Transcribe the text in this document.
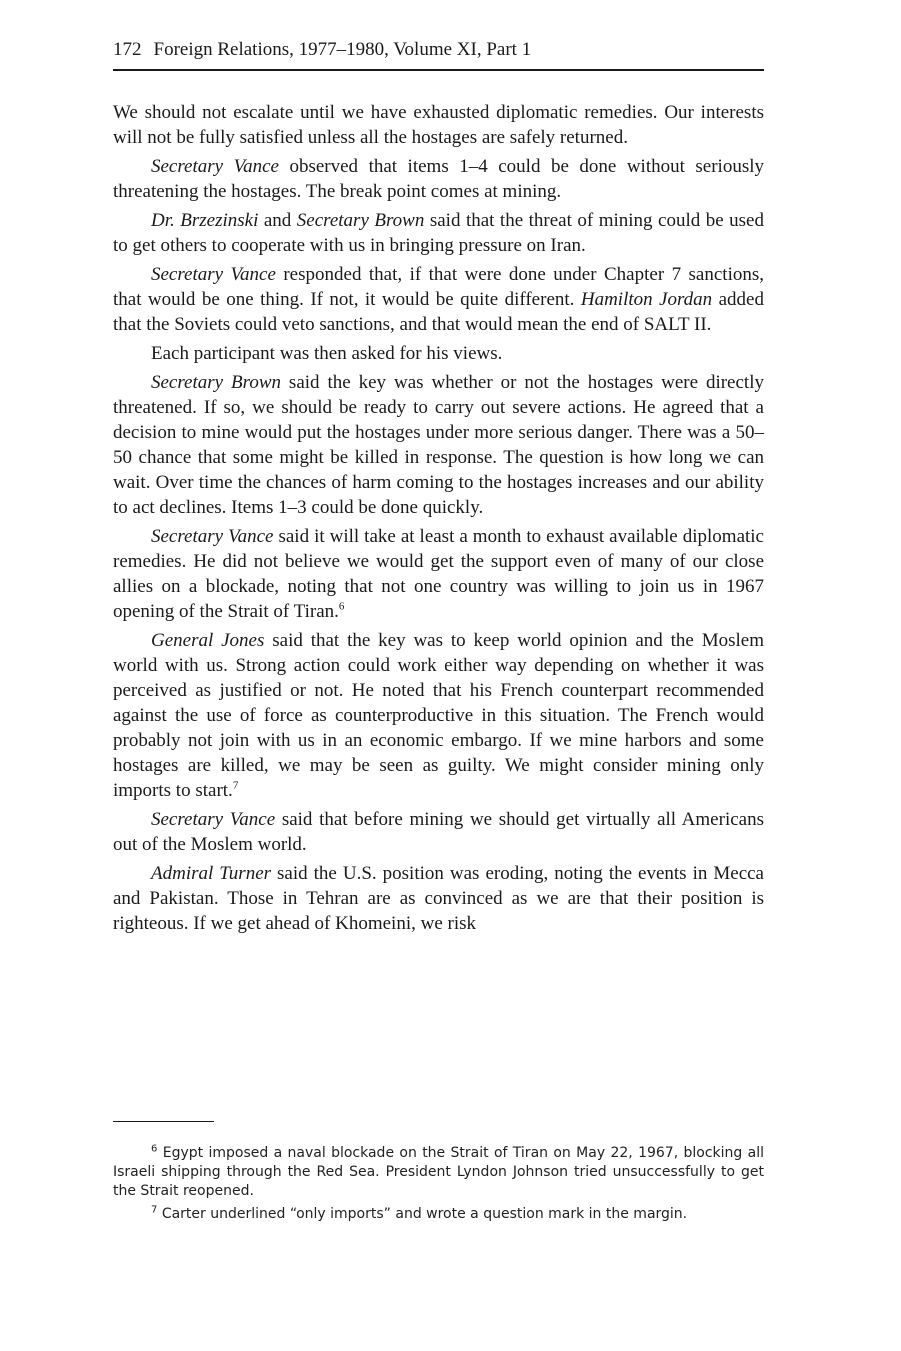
172 Foreign Relations, 1977–1980, Volume XI, Part 1

We should not escalate until we have exhausted diplomatic remedies. Our interests will not be fully satisfied unless all the hostages are safely returned.

Secretary Vance observed that items 1–4 could be done without seriously threatening the hostages. The break point comes at mining.

Dr. Brzezinski and Secretary Brown said that the threat of mining could be used to get others to cooperate with us in bringing pressure on Iran.

Secretary Vance responded that, if that were done under Chapter 7 sanctions, that would be one thing. If not, it would be quite different. Hamilton Jordan added that the Soviets could veto sanctions, and that would mean the end of SALT II.

Each participant was then asked for his views.

Secretary Brown said the key was whether or not the hostages were directly threatened. If so, we should be ready to carry out severe actions. He agreed that a decision to mine would put the hostages under more serious danger. There was a 50–50 chance that some might be killed in response. The question is how long we can wait. Over time the chances of harm coming to the hostages increases and our ability to act declines. Items 1–3 could be done quickly.

Secretary Vance said it will take at least a month to exhaust available diplomatic remedies. He did not believe we would get the support even of many of our close allies on a blockade, noting that not one country was willing to join us in 1967 opening of the Strait of Tiran.$^6$

General Jones said that the key was to keep world opinion and the Moslem world with us. Strong action could work either way depending on whether it was perceived as justified or not. He noted that his French counterpart recommended against the use of force as counterproductive in this situation. The French would probably not join with us in an economic embargo. If we mine harbors and some hostages are killed, we may be seen as guilty. We might consider mining only imports to start.$^7$

Secretary Vance said that before mining we should get virtually all Americans out of the Moslem world.

Admiral Turner said the U.S. position was eroding, noting the events in Mecca and Pakistan. Those in Tehran are as convinced as we are that their position is righteous. If we get ahead of Khomeini, we risk

$^6$ Egypt imposed a naval blockade on the Strait of Tiran on May 22, 1967, blocking all Israeli shipping through the Red Sea. President Lyndon Johnson tried unsuccessfully to get the Strait reopened.

$^7$ Carter underlined “only imports” and wrote a question mark in the margin.
